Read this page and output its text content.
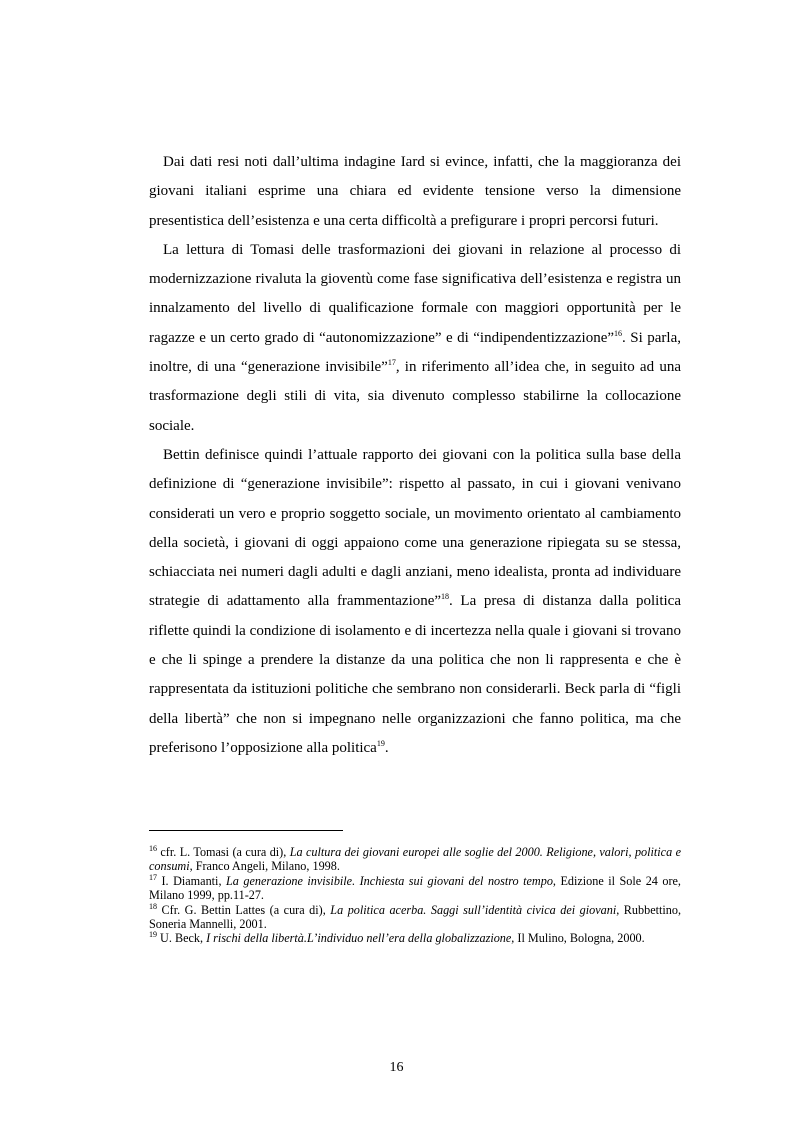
Dai dati resi noti dall’ultima indagine Iard si evince, infatti, che la maggioranza dei giovani italiani esprime una chiara ed evidente tensione verso la dimensione presentistica dell’esistenza e una certa difficoltà a prefigurare i propri percorsi futuri.

La lettura di Tomasi delle trasformazioni dei giovani in relazione al processo di modernizzazione rivaluta la gioventù come fase significativa dell’esistenza e registra un innalzamento del livello di qualificazione formale con maggiori opportunità per le ragazze e un certo grado di “autonomizzazione” e di “indipendentizzazione”$^{16}$. Si parla, inoltre, di una “generazione invisibile”$^{17}$, in riferimento all’idea che, in seguito ad una trasformazione degli stili di vita, sia divenuto complesso stabilirne la collocazione sociale.

Bettin definisce quindi l’attuale rapporto dei giovani con la politica sulla base della definizione di “generazione invisibile”: rispetto al passato, in cui i giovani venivano considerati un vero e proprio soggetto sociale, un movimento orientato al cambiamento della società, i giovani di oggi appaiono come una generazione ripiegata su se stessa, schiacciata nei numeri dagli adulti e dagli anziani, meno idealista, pronta ad individuare strategie di adattamento alla frammentazione”$^{18}$. La presa di distanza dalla politica riflette quindi la condizione di isolamento e di incertezza nella quale i giovani si trovano e che li spinge a prendere la distanze da una politica che non li rappresenta e che è rappresentata da istituzioni politiche che sembrano non considerarli. Beck parla di “figli della libertà” che non si impegnano nelle organizzazioni che fanno politica, ma che preferisono l’opposizione alla politica$^{19}$.

$^{16}$ cfr. L. Tomasi (a cura di), La cultura dei giovani europei alle soglie del 2000. Religione, valori, politica e consumi, Franco Angeli, Milano, 1998.

$^{17}$ I. Diamanti, La generazione invisibile. Inchiesta sui giovani del nostro tempo, Edizione il Sole 24 ore, Milano 1999, pp.11-27.

$^{18}$ Cfr. G. Bettin Lattes (a cura di), La politica acerba. Saggi sull’identità civica dei giovani, Rubbettino, Soneria Mannelli, 2001.

$^{19}$ U. Beck, I rischi della libertà.L’individuo nell’era della globalizzazione, Il Mulino, Bologna, 2000.

16
